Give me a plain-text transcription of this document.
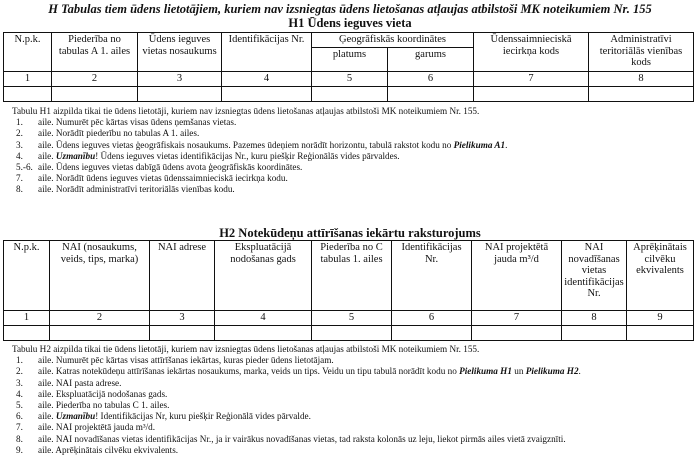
H Tabulas tiem ūdens lietotājiem, kuriem nav izsniegtas ūdens lietošanas atļaujas atbilstoši MK noteikumiem Nr. 155
H1 Ūdens ieguves vieta
N.p.k.	Piederība no tabulas A 1. ailes	Ūdens ieguves vietas nosaukums	Identifikācijas Nr.	Ģeogrāfiskās koordinātes		Ūdenssaimnieciskā iecirkņa kods	Administratīvi teritoriālās vienības kods
				platums	garums		
1	2	3	4	5	6	7	8

Tabulu H1 aizpilda tikai tie ūdens lietotāji, kuriem nav izsniegtas ūdens lietošanas atļaujas atbilstoši MK noteikumiem Nr. 155.
1. aile. Numurēt pēc kārtas visas ūdens ņemšanas vietas.
2. aile. Norādīt piederību no tabulas A 1. ailes.
3. aile. Ūdens ieguves vietas ģeogrāfiskais nosaukums. Pazemes ūdeņiem norādīt horizontu, tabulā rakstot kodu no Pielikuma A1.
4. aile. Uzmanību! Ūdens ieguves vietas identifikācijas Nr., kuru piešķir Reģionālās vides pārvaldes.
5.-6. aile. Ūdens ieguves vietas dabīgā ūdens avota ģeogrāfiskās koordinātes.
7. aile. Norādīt ūdens ieguves vietas ūdenssaimnieciskā iecirkņa kodu.
8. aile. Norādīt administratīvi teritoriālās vienības kodu.
H2 Notekūdeņu attīrīšanas iekārtu raksturojums
N.p.k.	NAI (nosaukums, veids, tips, marka)	NAI adrese	Ekspluatācijā nodošanas gads	Piederība no C tabulas 1. ailes	Identifikācijas Nr.	NAI projektētā jauda m³/d	NAI novadīšanas vietas identifikācijas Nr.	Aprēķinātais cilvēku ekvivalents
1	2	3	4	5	6	7	8	9

Tabulu H2 aizpilda tikai tie ūdens lietotāji, kuriem nav izsniegtas ūdens lietošanas atļaujas atbilstoši MK noteikumiem Nr. 155.
1. aile. Numurēt pēc kārtas visas attīrīšanas iekārtas, kuras pieder ūdens lietotājam.
2. aile. Katras notekūdeņu attīrīšanas iekārtas nosaukums, marka, veids un tips. Veidu un tipu tabulā norādīt kodu no Pielikuma H1 un Pielikuma H2.
3. aile. NAI pasta adrese.
4. aile. Ekspluatācijā nodošanas gads.
5. aile. Piederība no tabulas C 1. ailes.
6. aile. Uzmanību! Identifikācijas Nr, kuru piešķir Reģionālā vides pārvalde.
7. aile. NAI projektētā jauda m³/d.
8. aile. NAI novadīšanas vietas identifikācijas Nr., ja ir vairākus novadīšanas vietas, tad raksta kolonās uz leju, liekot pirmās ailes vietā zvaigznīti.
9. aile. Aprēķinātais cilvēku ekvivalents.
